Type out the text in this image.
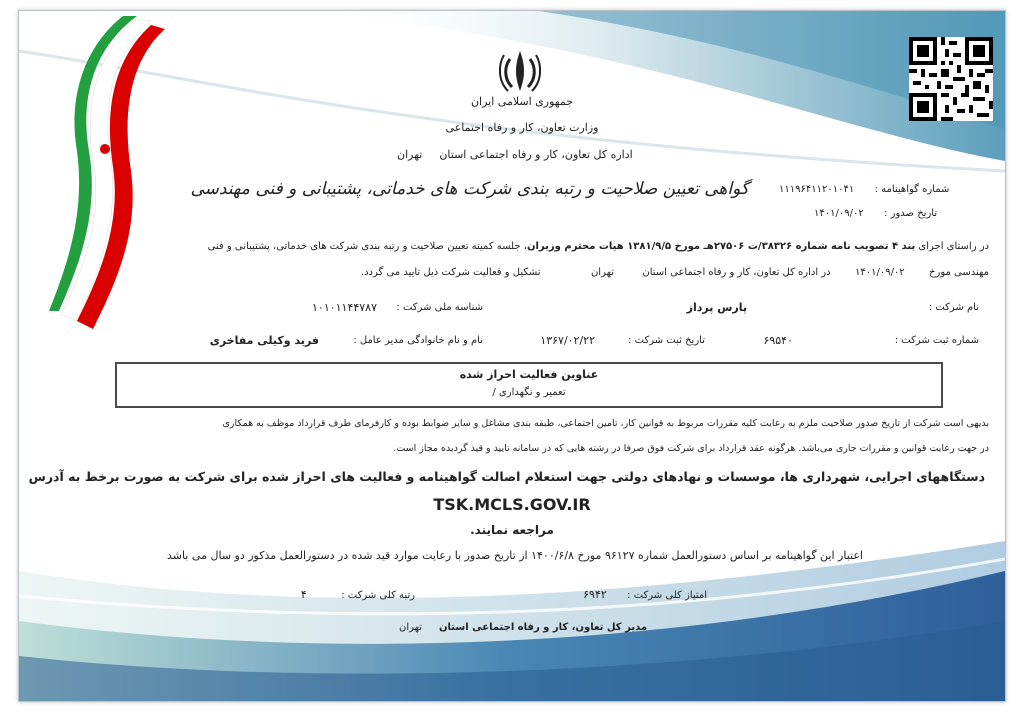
جمهوری اسلامی ایران
وزارت تعاون، کار و رفاه اجتماعی
اداره کل تعاون، کار و رفاه اجتماعی استان  تهران
گواهی تعیین صلاحیت و رتبه بندی شرکت های خدماتی، پشتیبانی و فنی مهندسی	شماره گواهینامه :  ۱۱۱۹۶۴۱۱۲۰۱۰۴۱
تاریخ صدور :  ۱۴۰۱/۰۹/۰۲
در راستای اجرای بند ۴ تصویب نامه شماره ۳۸۳۲۶/ت ۲۷۵۰۶هـ مورخ ۱۳۸۱/۹/۵ هیات محترم وزیران، جلسه کمیته تعیین صلاحیت و رتبه بندی شرکت های خدماتی، پشتیبانی و فنی
مهندسی مورخ  ۱۴۰۱/۰۹/۰۲  در اداره کل تعاون، کار و رفاه اجتماعی استان  تهران  تشکیل و فعالیت شرکت ذیل تایید می گردد.
نام شرکت :
پارس پرداز
شناسه ملی شرکت :
۱۰۱۰۱۱۴۴۷۸۷
شماره ثبت شرکت :
۶۹۵۴۰
تاریخ ثبت شرکت :
۱۳۶۷/۰۲/۲۲
نام و نام خانوادگی مدیر عامل :
فرید وکیلی مفاخری
عناوین فعالیت احراز شده
تعمیر و نگهداری /
بدیهی است شرکت از تاریخ صدور صلاحیت ملزم به رعایت کلیه مقررات مربوط به قوانین کار، تامین اجتماعی، طبقه بندی مشاغل و سایر ضوابط بوده و کارفرمای طرف قرارداد موظف به همکاری
در جهت رعایت قوانین و مقررات جاری می‌باشد. هرگونه عقد قرارداد برای شرکت فوق صرفا در رشته هایی که در سامانه تایید و قید گردیده مجاز است.
دستگاههای اجرایی، شهرداری ها، موسسات و نهادهای دولتی جهت استعلام اصالت گواهینامه و فعالیت های احراز شده برای شرکت به صورت برخط به آدرس
TSK.MCLS.GOV.IR
مراجعه نمایند.
اعتبار این گواهینامه بر اساس دستورالعمل شماره ۹۶۱۲۷ مورخ ۱۴۰۰/۶/۸ از تاریخ صدور با رعایت موارد قید شده در دستورالعمل مذکور دو سال می باشد
امتیاز کلی شرکت :  ۶۹۴۲
رتبه کلی شرکت :  ۴
مدیر کل تعاون، کار و رفاه اجتماعی استان  تهران
